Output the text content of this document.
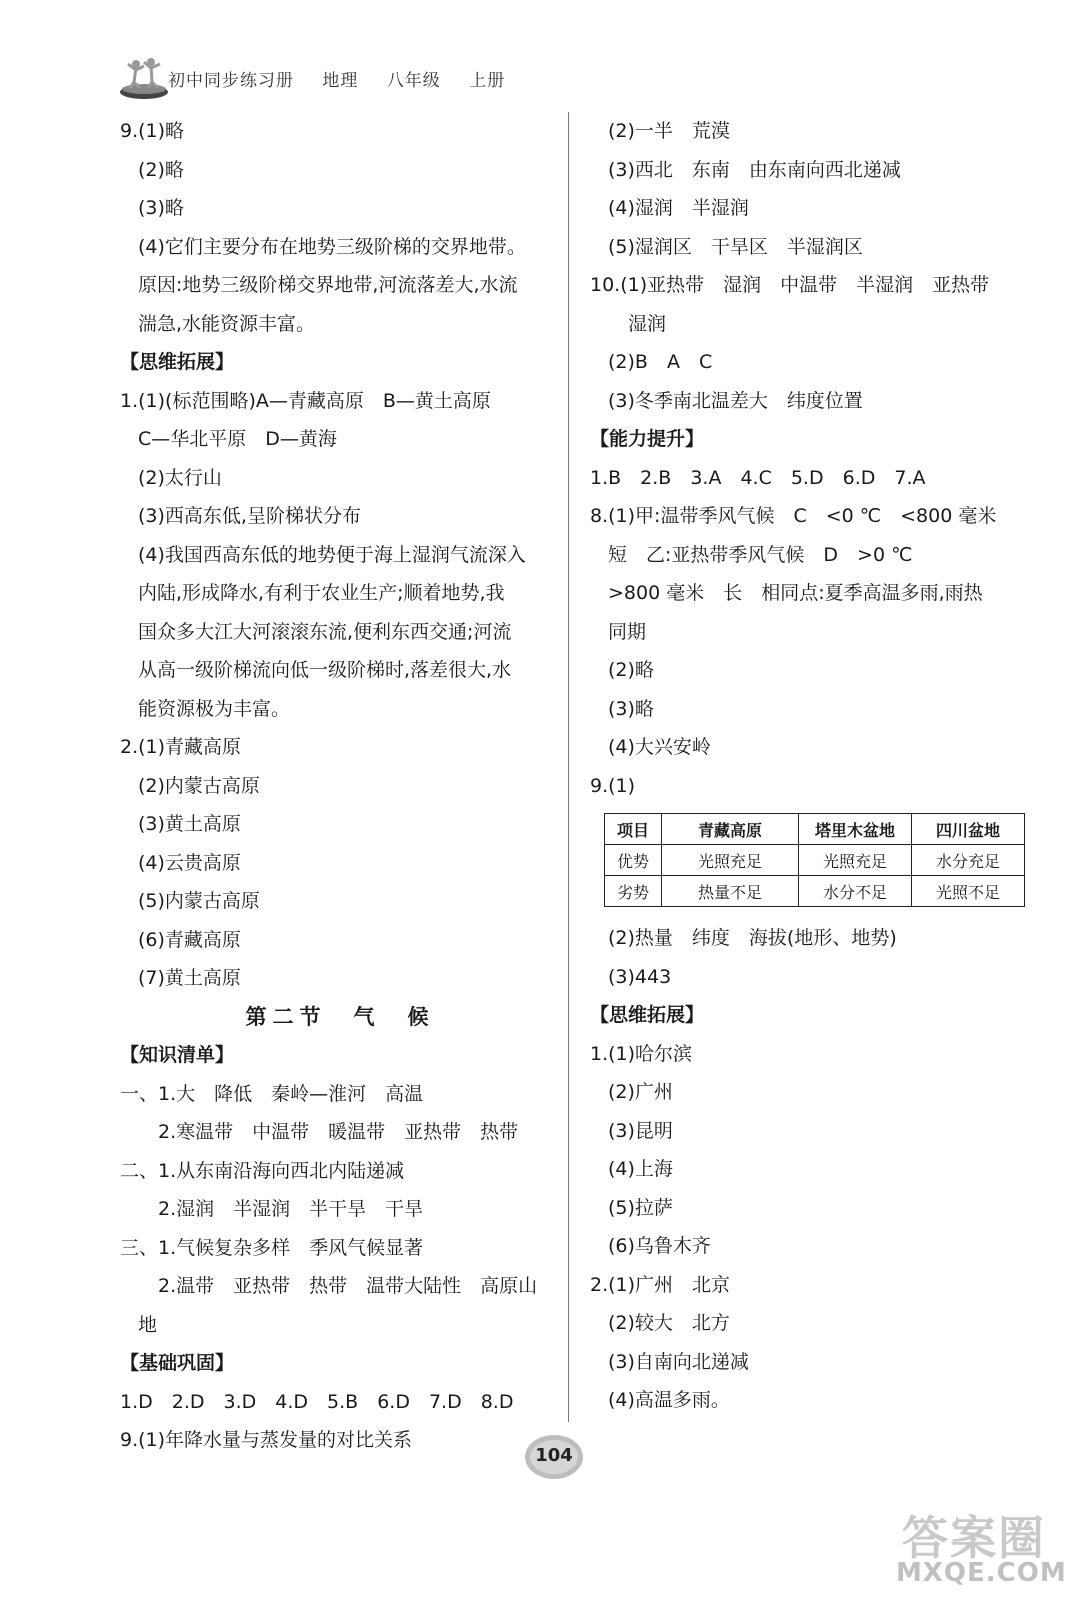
初中同步练习册 地理 八年级 上册
9.(1)略
(2)略
(3)略
(4)它们主要分布在地势三级阶梯的交界地带。
原因:地势三级阶梯交界地带,河流落差大,水流
湍急,水能资源丰富。
【思维拓展】
1.(1)(标范围略)A—青藏高原　B—黄土高原
C—华北平原　D—黄海
(2)太行山
(3)西高东低,呈阶梯状分布
(4)我国西高东低的地势便于海上湿润气流深入
内陆,形成降水,有利于农业生产;顺着地势,我
国众多大江大河滚滚东流,便利东西交通;河流
从高一级阶梯流向低一级阶梯时,落差很大,水
能资源极为丰富。
2.(1)青藏高原
(2)内蒙古高原
(3)黄土高原
(4)云贵高原
(5)内蒙古高原
(6)青藏高原
(7)黄土高原
第二节　气　候
【知识清单】
一、1.大　降低　秦岭—淮河　高温
2.寒温带　中温带　暖温带　亚热带　热带
二、1.从东南沿海向西北内陆递减
2.湿润　半湿润　半干旱　干旱
三、1.气候复杂多样　季风气候显著
2.温带　亚热带　热带　温带大陆性　高原山
地
【基础巩固】
1.D　2.D　3.D　4.D　5.B　6.D　7.D　8.D
9.(1)年降水量与蒸发量的对比关系
(2)一半　荒漠
(3)西北　东南　由东南向西北递减
(4)湿润　半湿润
(5)湿润区　干旱区　半湿润区
10.(1)亚热带　湿润　中温带　半湿润　亚热带
湿润
(2)B　A　C
(3)冬季南北温差大　纬度位置
【能力提升】
1.B　2.B　3.A　4.C　5.D　6.D　7.A
8.(1)甲:温带季风气候　C　<0 ℃　<800 毫米
短　乙:亚热带季风气候　D　>0 ℃
>800 毫米　长　相同点:夏季高温多雨,雨热
同期
(2)略
(3)略
(4)大兴安岭
9.(1)
项目	青藏高原	塔里木盆地	四川盆地
优势	光照充足	光照充足	水分充足
劣势	热量不足	水分不足	光照不足
(2)热量　纬度　海拔(地形、地势)
(3)443
【思维拓展】
1.(1)哈尔滨
(2)广州
(3)昆明
(4)上海
(5)拉萨
(6)乌鲁木齐
2.(1)广州　北京
(2)较大　北方
(3)自南向北递减
(4)高温多雨。
104
答案圈
MXQE.COM
